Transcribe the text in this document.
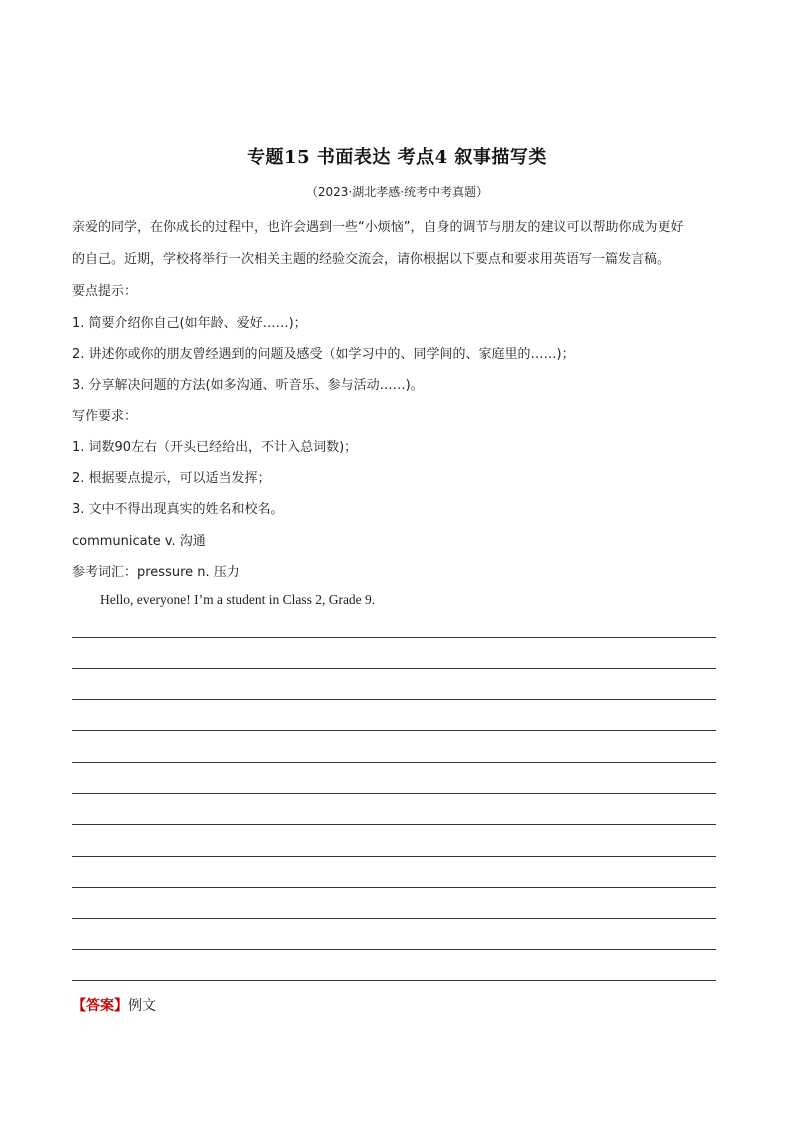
专题15 书面表达 考点4 叙事描写类
（2023·湖北孝感·统考中考真题）
亲爱的同学，在你成长的过程中，也许会遇到一些“小烦恼”，自身的调节与朋友的建议可以帮助你成为更好
的自己。近期，学校将举行一次相关主题的经验交流会，请你根据以下要点和要求用英语写一篇发言稿。
要点提示：
1. 简要介绍你自己(如年龄、爱好……)；
2. 讲述你或你的朋友曾经遇到的问题及感受（如学习中的、同学间的、家庭里的……)；
3. 分享解决问题的方法(如多沟通、听音乐、参与活动……)。
写作要求：
1. 词数90左右（开头已经给出，不计入总词数)；
2. 根据要点提示，可以适当发挥；
3. 文中不得出现真实的姓名和校名。
communicate v. 沟通
参考词汇：pressure n. 压力
Hello, everyone! I’m a student in Class 2, Grade 9.
【答案】例文
